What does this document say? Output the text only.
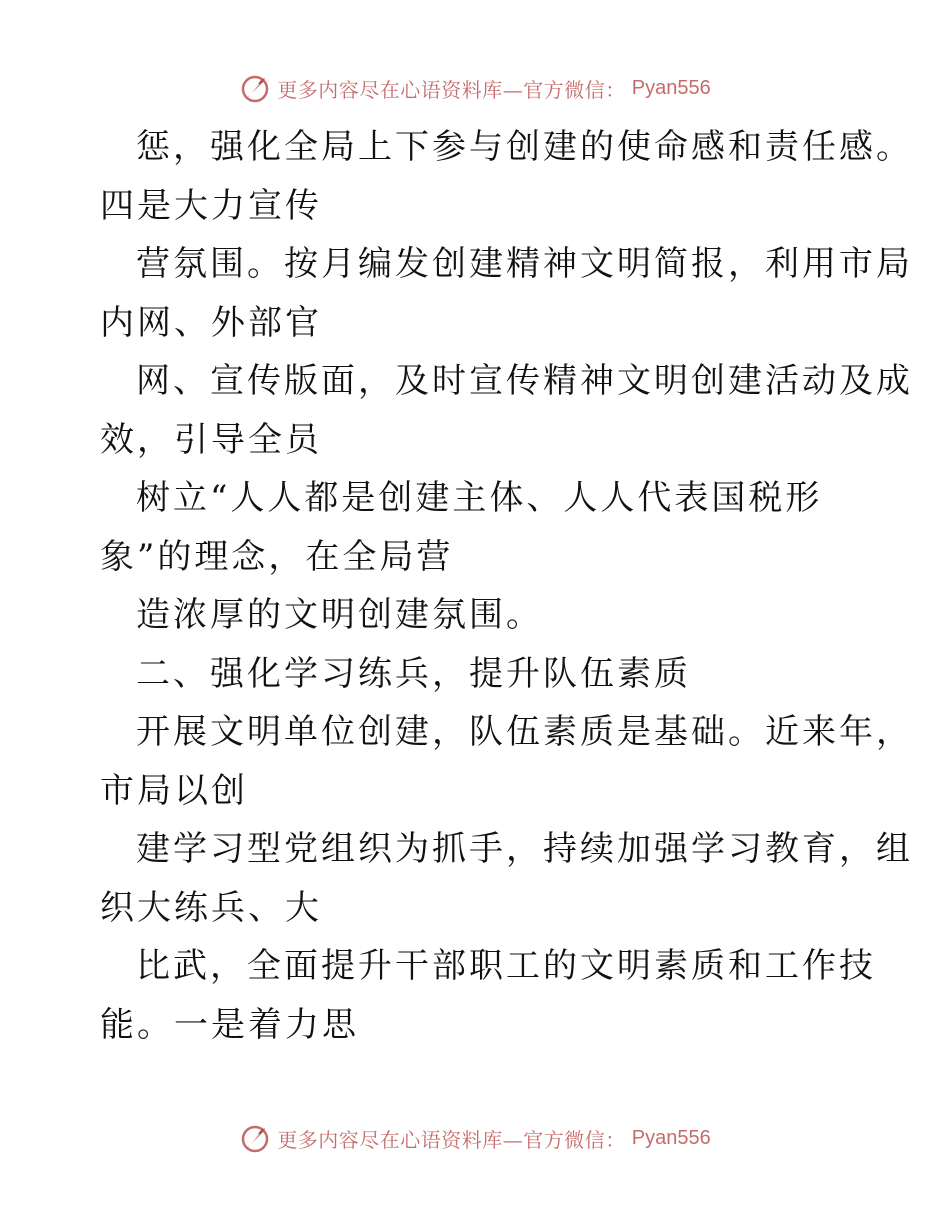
更多内容尽在心语资料库—官方微信： Pyan556
惩，强化全局上下参与创建的使命感和责任感。
四是大力宣传
营氛围。按月编发创建精神文明简报，利用市局
内网、外部官
网、宣传版面，及时宣传精神文明创建活动及成
效，引导全员
树立“人人都是创建主体、人人代表国税形
象”的理念，在全局营
造浓厚的文明创建氛围。
二、强化学习练兵，提升队伍素质
开展文明单位创建，队伍素质是基础。近来年，
市局以创
建学习型党组织为抓手，持续加强学习教育，组
织大练兵、大
比武，全面提升干部职工的文明素质和工作技
能。一是着力思
更多内容尽在心语资料库—官方微信： Pyan556
